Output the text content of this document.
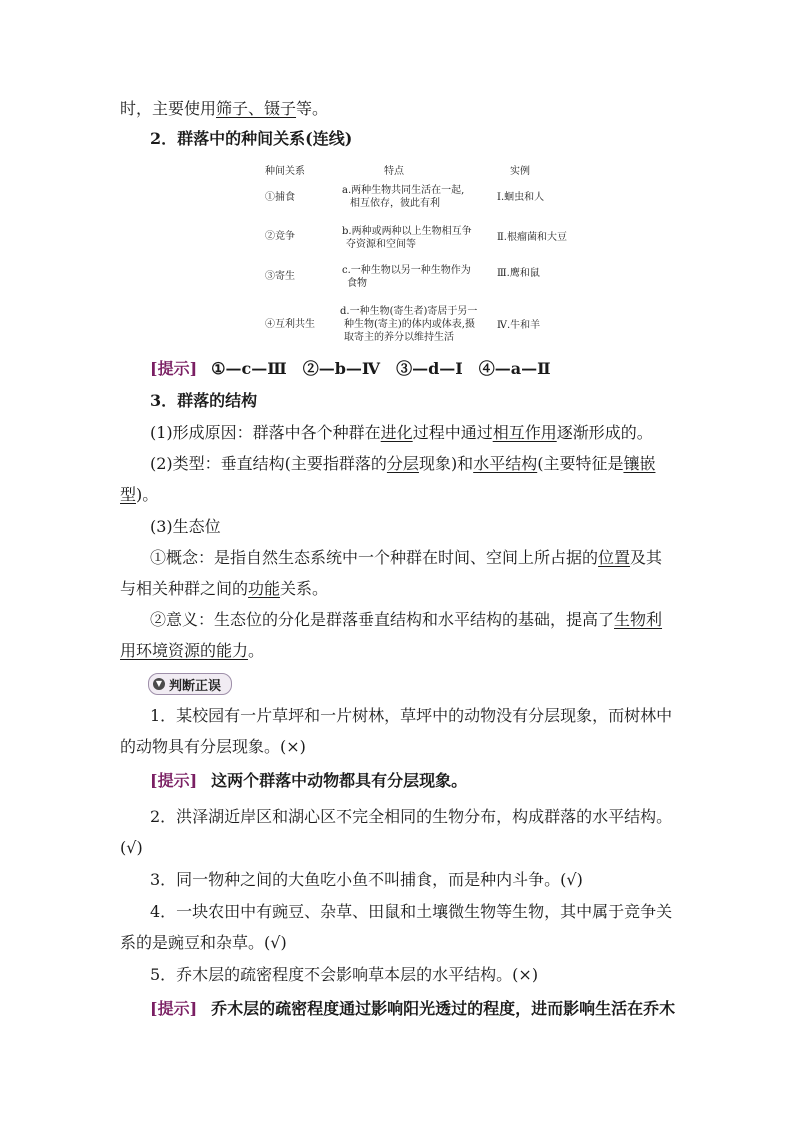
时，主要使用筛子、镊子等。
2．群落中的种间关系(连线)
种间关系	特点	实例
①捕食
②竞争
③寄生
④互利共生
a.两种生物共同生活在一起,
相互依存，彼此有利
b.两种或两种以上生物相互争
夺资源和空间等
c.一种生物以另一种生物作为
食物
d.一种生物(寄生者)寄居于另一
种生物(寄主)的体内或体表,摄
取寄主的养分以维持生活
Ⅰ.蛔虫和人
Ⅱ.根瘤菌和大豆
Ⅲ.鹰和鼠
Ⅳ.牛和羊
[提示] ①—c—Ⅲ　②—b—Ⅳ　③—d—Ⅰ　④—a—Ⅱ
3．群落的结构
(1)形成原因：群落中各个种群在进化过程中通过相互作用逐渐形成的。
(2)类型：垂直结构(主要指群落的分层现象)和水平结构(主要特征是镶嵌
型)。
(3)生态位
①概念：是指自然生态系统中一个种群在时间、空间上所占据的位置及其
与相关种群之间的功能关系。
②意义：生态位的分化是群落垂直结构和水平结构的基础，提高了生物利
用环境资源的能力。
▼ 判断正误
1．某校园有一片草坪和一片树林，草坪中的动物没有分层现象，而树林中
的动物具有分层现象。(×)
[提示] 这两个群落中动物都具有分层现象。
2．洪泽湖近岸区和湖心区不完全相同的生物分布，构成群落的水平结构。
(√)
3．同一物种之间的大鱼吃小鱼不叫捕食，而是种内斗争。(√)
4．一块农田中有豌豆、杂草、田鼠和土壤微生物等生物，其中属于竞争关
系的是豌豆和杂草。(√)
5．乔木层的疏密程度不会影响草本层的水平结构。(×)
[提示] 乔木层的疏密程度通过影响阳光透过的程度，进而影响生活在乔木
